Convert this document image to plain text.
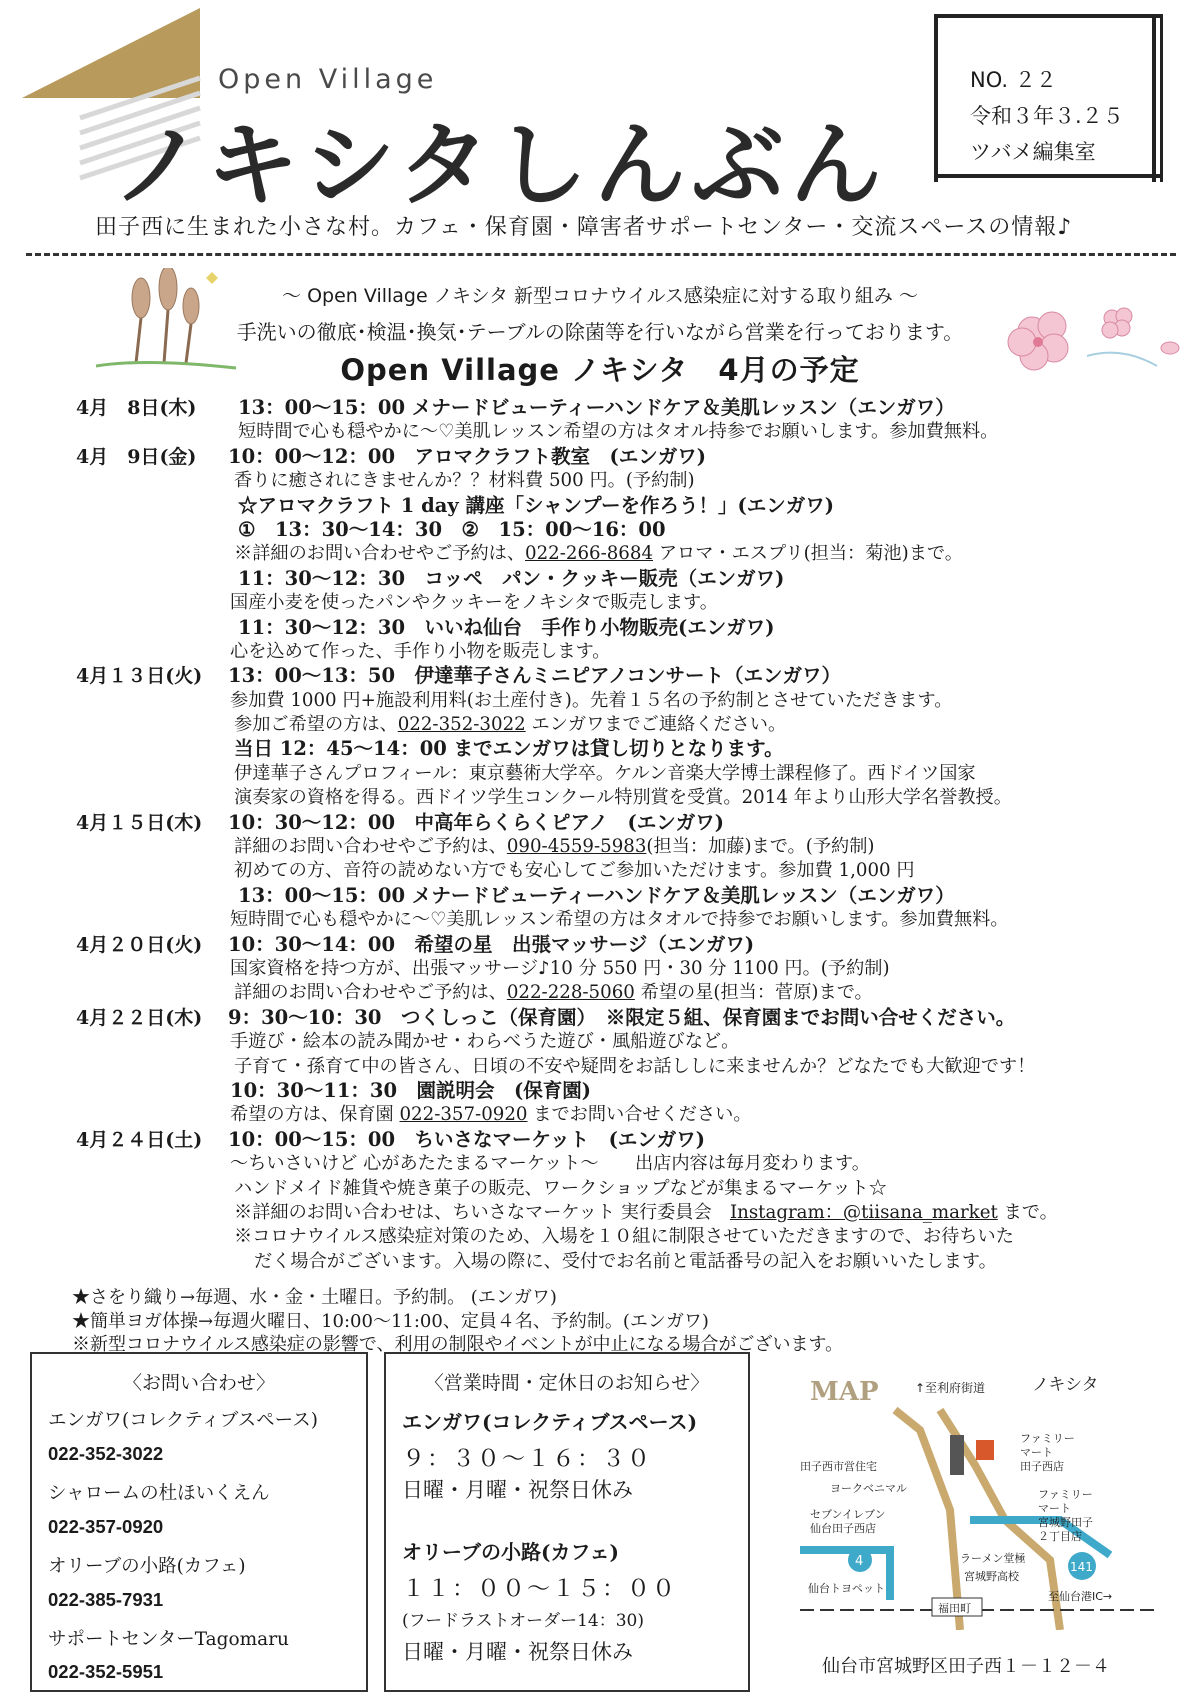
Open Village
ノキシタしんぶん
NO. ２２
令和３年３.２５
ツバメ編集室
田子西に生まれた小さな村。カフェ・保育園・障害者サポートセンター・交流スペースの情報♪
～ Open Village ノキシタ 新型コロナウイルス感染症に対する取り組み ～
手洗いの徹底･検温･換気･テーブルの除菌等を行いながら営業を行っております。
Open Village ノキシタ　4月の予定
4月　8日(木) 13：00～15：00 メナードビューティーハンドケア＆美肌レッスン（エンガワ）
短時間で心も穏やかに～♡美肌レッスン希望の方はタオル持参でお願いします。参加費無料。
4月　9日(金) 10：00～12：00　アロマクラフト教室　(エンガワ)
香りに癒されにきませんか？？材料費 500 円。(予約制)
☆アロマクラフト 1 day 講座「シャンプーを作ろう！」(エンガワ)
①　13：30～14：30　②　15：00～16：00
※詳細のお問い合わせやご予約は、022-266-8684 アロマ・エスプリ(担当：菊池)まで。
11：30～12：30　コッペ　パン・クッキー販売（エンガワ)
国産小麦を使ったパンやクッキーをノキシタで販売します。
11：30～12：30　いいね仙台　手作り小物販売(エンガワ)
心を込めて作った、手作り小物を販売します。
4月１３日(火) 13：00～13：50　伊達華子さんミニピアノコンサート（エンガワ）
参加費 1000 円+施設利用料(お土産付き)。先着１５名の予約制とさせていただきます。
参加ご希望の方は、022-352-3022 エンガワまでご連絡ください。
当日 12：45～14：00 までエンガワは貸し切りとなります。
伊達華子さんプロフィール：東京藝術大学卒。ケルン音楽大学博士課程修了。西ドイツ国家
演奏家の資格を得る。西ドイツ学生コンクール特別賞を受賞。2014 年より山形大学名誉教授。
4月１５日(木) 10：30～12：00　中高年らくらくピアノ　(エンガワ)
詳細のお問い合わせやご予約は、090-4559-5983(担当：加藤)まで。(予約制)
初めての方、音符の読めない方でも安心してご参加いただけます。参加費 1,000 円
13：00～15：00 メナードビューティーハンドケア＆美肌レッスン（エンガワ）
短時間で心も穏やかに～♡美肌レッスン希望の方はタオルで持参でお願いします。参加費無料。
4月２０日(火) 10：30～14：00　希望の星　出張マッサージ（エンガワ)
国家資格を持つ方が、出張マッサージ♪10 分 550 円・30 分 1100 円。(予約制)
詳細のお問い合わせやご予約は、022-228-5060 希望の星(担当：菅原)まで。
4月２２日(木) 9：30～10：30　つくしっこ（保育園）　※限定５組、保育園までお問い合せください。
手遊び・絵本の読み聞かせ・わらべうた遊び・風船遊びなど。
子育て・孫育て中の皆さん、日頃の不安や疑問をお話ししに来ませんか？どなたでも大歓迎です！
10：30～11：30　園説明会　(保育園)
希望の方は、保育園 022-357-0920 までお問い合せください。
4月２４日(土) 10：00～15：00　ちいさなマーケット　(エンガワ)
～ちいさいけど 心があたたまるマーケット～　　出店内容は毎月変わります。
ハンドメイド雑貨や焼き菓子の販売、ワークショップなどが集まるマーケット☆
※詳細のお問い合わせは、ちいさなマーケット 実行委員会　Instagram：@tiisana_market まで。
※コロナウイルス感染症対策のため、入場を１０組に制限させていただきますので、お待ちいた
だく場合がございます。入場の際に、受付でお名前と電話番号の記入をお願いいたします。
★さをり織り→毎週、水・金・土曜日。予約制。 (エンガワ)
★簡単ヨガ体操→毎週火曜日、10:00～11:00、定員４名、予約制。(エンガワ)
※新型コロナウイルス感染症の影響で、利用の制限やイベントが中止になる場合がございます。
〈お問い合わせ〉
エンガワ(コレクティブスペース)
022-352-3022
シャロームの杜ほいくえん
022-357-0920
オリーブの小路(カフェ)
022-385-7931
サポートセンターTagomaru
022-352-5951
〈営業時間・定休日のお知らせ〉
エンガワ(コレクティブスペース)
９：３０～１６：３０
日曜・月曜・祝祭日休み
オリーブの小路(カフェ)
１１：００～１５：００
(フードラストオーダー14：30)
日曜・月曜・祝祭日休み
MAP	↑至利府街道	ノキシタ
ファミリー
マート
田子西店
田子西市営住宅
ヨークベニマル	ファミリー
マート
宮城野田子
２丁目店
セブンイレブン
仙台田子西店
ラーメン堂極
宮城野高校
4	141
仙台トヨペット
福田町
至仙台港IC→
仙台市宮城野区田子西１－１２－４
